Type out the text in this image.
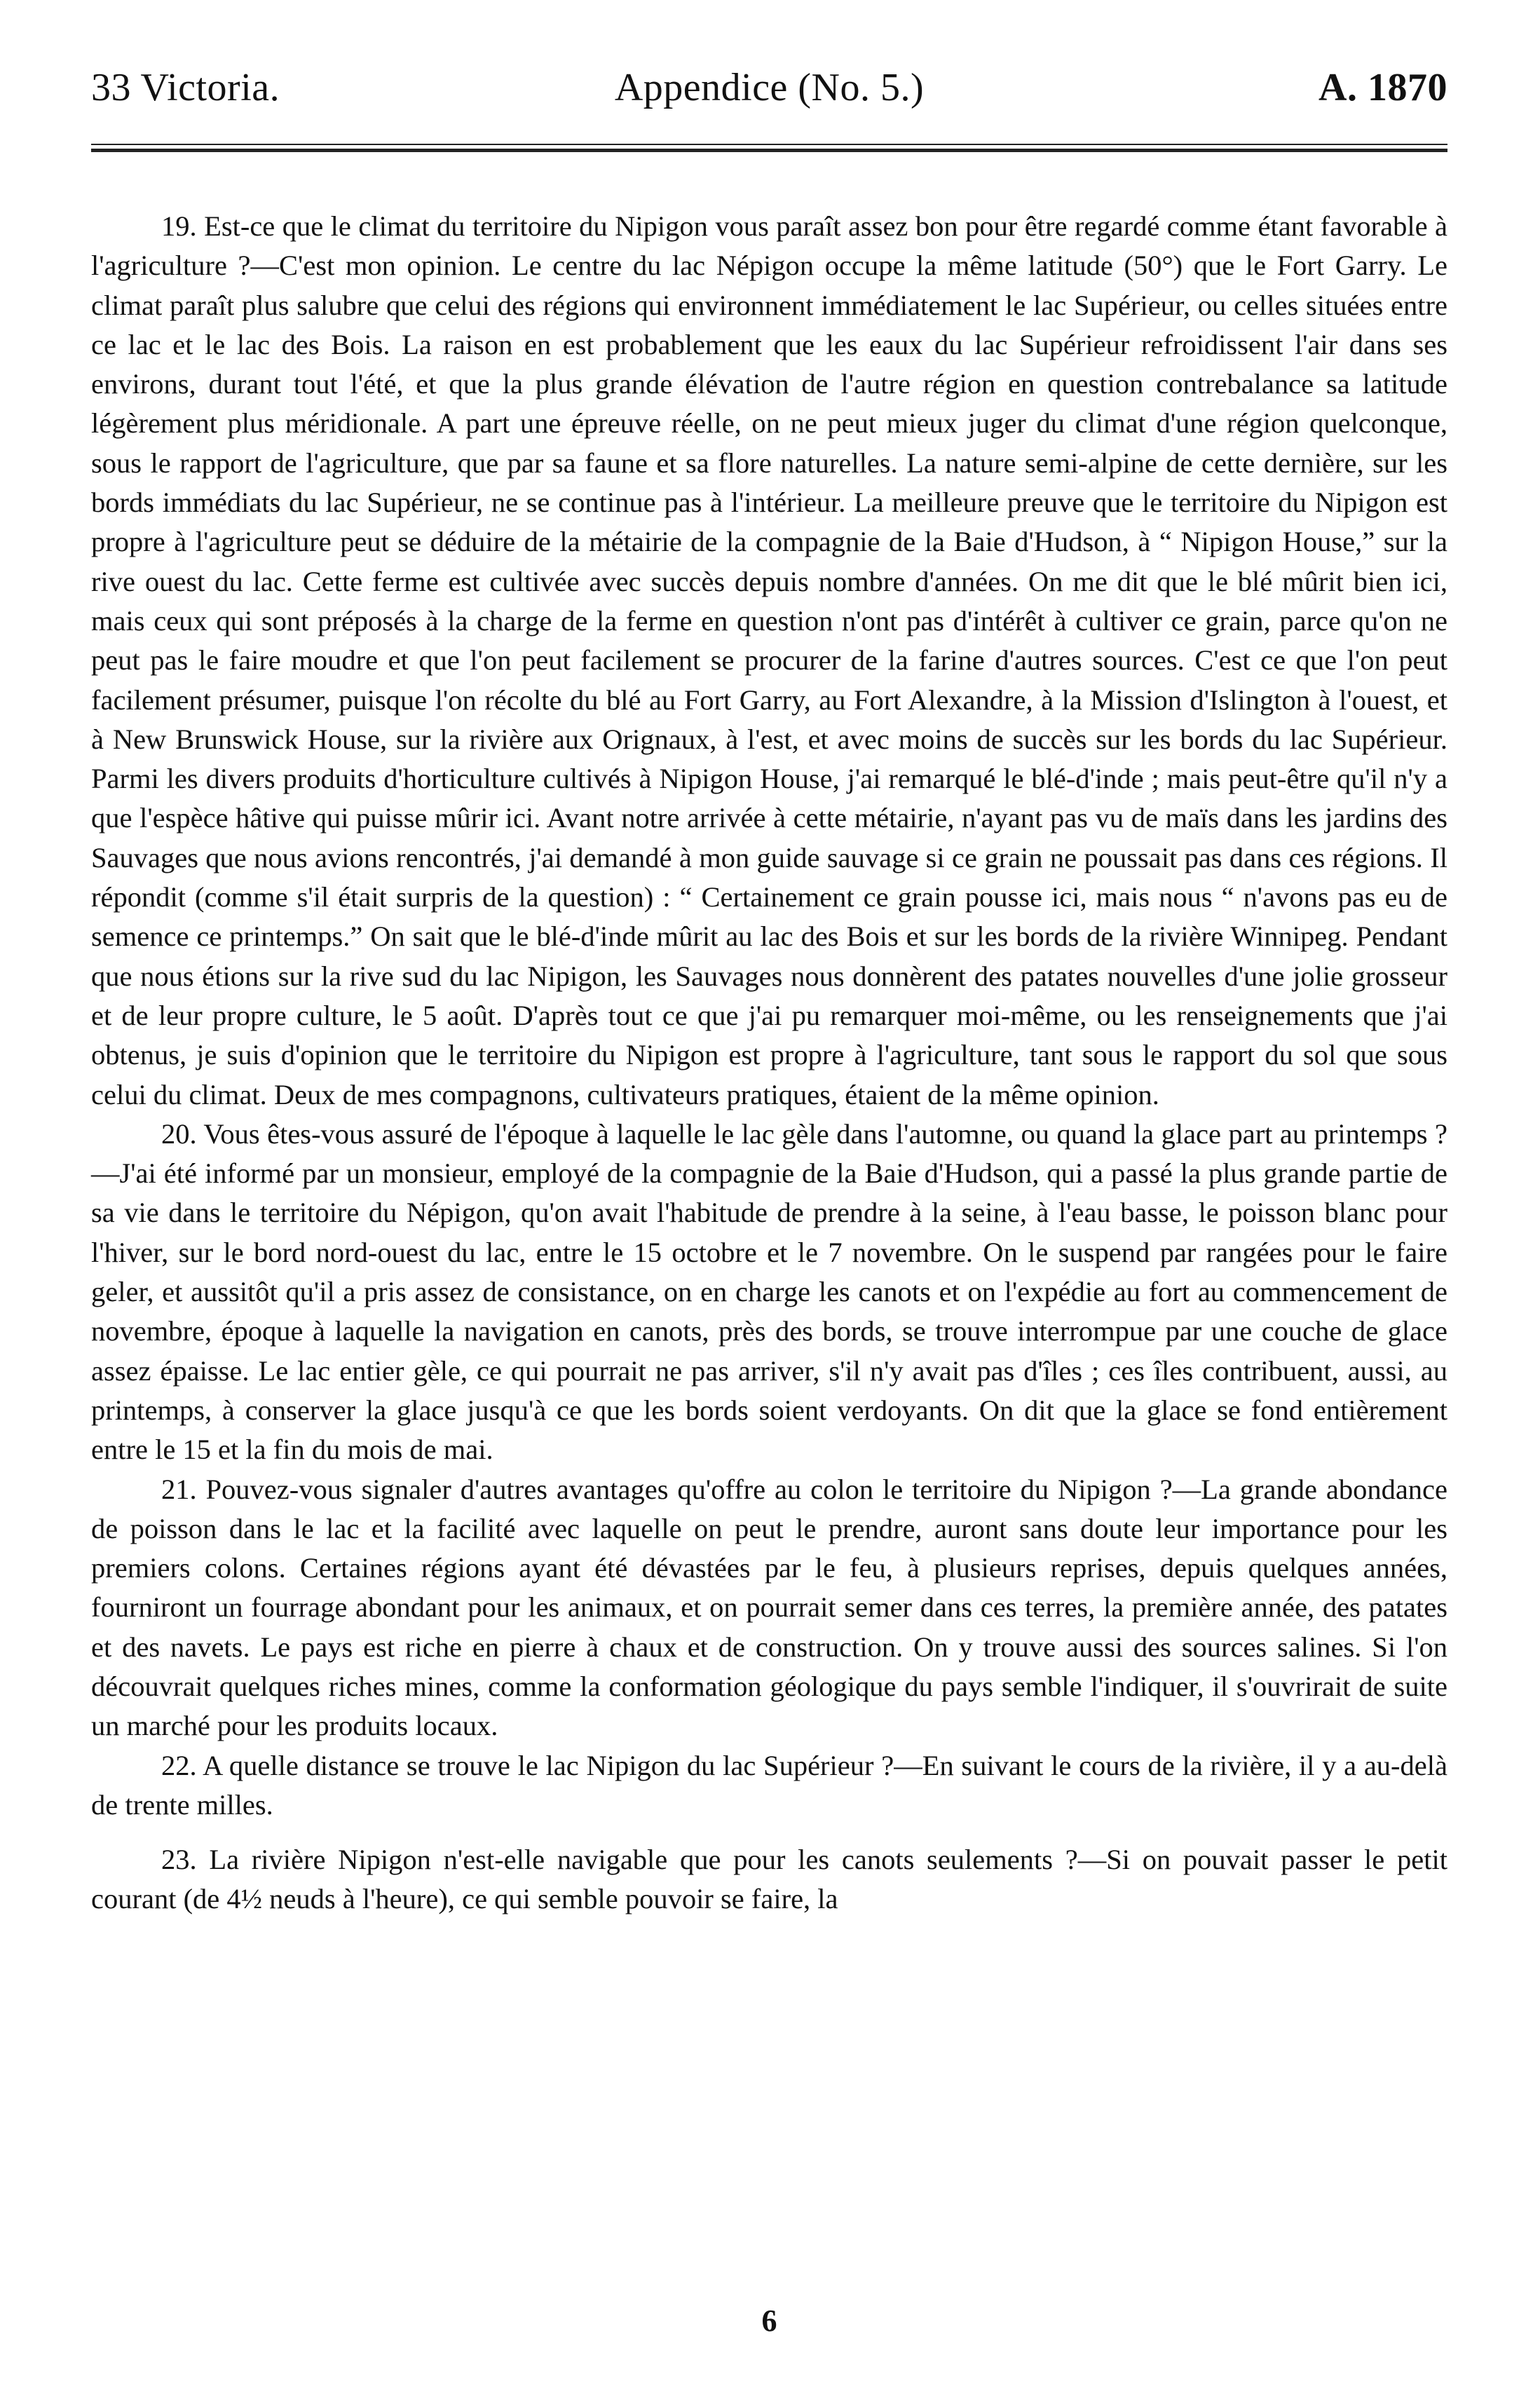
33 Victoria.	Appendice (No. 5.)	A. 1870

19. Est-ce que le climat du territoire du Nipigon vous paraît assez bon pour être regardé comme étant favorable à l'agriculture ?—C'est mon opinion. Le centre du lac Népigon occupe la même latitude (50°) que le Fort Garry. Le climat paraît plus salubre que celui des régions qui environnent immédiatement le lac Supérieur, ou celles situées entre ce lac et le lac des Bois. La raison en est probablement que les eaux du lac Supérieur refroidissent l'air dans ses environs, durant tout l'été, et que la plus grande élévation de l'autre région en question contrebalance sa latitude légèrement plus méridionale. A part une épreuve réelle, on ne peut mieux juger du climat d'une région quelconque, sous le rapport de l'agriculture, que par sa faune et sa flore naturelles. La nature semi-alpine de cette dernière, sur les bords immédiats du lac Supérieur, ne se continue pas à l'intérieur. La meilleure preuve que le territoire du Nipigon est propre à l'agriculture peut se déduire de la métairie de la compagnie de la Baie d'Hudson, à “ Nipigon House,” sur la rive ouest du lac. Cette ferme est cultivée avec succès depuis nombre d'années. On me dit que le blé mûrit bien ici, mais ceux qui sont préposés à la charge de la ferme en question n'ont pas d'intérêt à cultiver ce grain, parce qu'on ne peut pas le faire moudre et que l'on peut facilement se procurer de la farine d'autres sources. C'est ce que l'on peut facilement présumer, puisque l'on récolte du blé au Fort Garry, au Fort Alexandre, à la Mission d'Islington à l'ouest, et à New Brunswick House, sur la rivière aux Orignaux, à l'est, et avec moins de succès sur les bords du lac Supérieur. Parmi les divers produits d'horticulture cultivés à Nipigon House, j'ai remarqué le blé-d'inde ; mais peut-être qu'il n'y a que l'espèce hâtive qui puisse mûrir ici. Avant notre arrivée à cette métairie, n'ayant pas vu de maïs dans les jardins des Sauvages que nous avions rencontrés, j'ai demandé à mon guide sauvage si ce grain ne poussait pas dans ces régions. Il répondit (comme s'il était surpris de la question) : “ Certainement ce grain pousse ici, mais nous “ n'avons pas eu de semence ce printemps.” On sait que le blé-d'inde mûrit au lac des Bois et sur les bords de la rivière Winnipeg. Pendant que nous étions sur la rive sud du lac Nipigon, les Sauvages nous donnèrent des patates nouvelles d'une jolie grosseur et de leur propre culture, le 5 août. D'après tout ce que j'ai pu remarquer moi-même, ou les renseignements que j'ai obtenus, je suis d'opinion que le territoire du Nipigon est propre à l'agriculture, tant sous le rapport du sol que sous celui du climat. Deux de mes compagnons, cultivateurs pratiques, étaient de la même opinion.

20. Vous êtes-vous assuré de l'époque à laquelle le lac gèle dans l'automne, ou quand la glace part au printemps ?—J'ai été informé par un monsieur, employé de la compagnie de la Baie d'Hudson, qui a passé la plus grande partie de sa vie dans le territoire du Népigon, qu'on avait l'habitude de prendre à la seine, à l'eau basse, le poisson blanc pour l'hiver, sur le bord nord-ouest du lac, entre le 15 octobre et le 7 novembre. On le suspend par rangées pour le faire geler, et aussitôt qu'il a pris assez de consistance, on en charge les canots et on l'expédie au fort au commencement de novembre, époque à laquelle la navigation en canots, près des bords, se trouve interrompue par une couche de glace assez épaisse. Le lac entier gèle, ce qui pourrait ne pas arriver, s'il n'y avait pas d'îles ; ces îles contribuent, aussi, au printemps, à conserver la glace jusqu'à ce que les bords soient verdoyants. On dit que la glace se fond entièrement entre le 15 et la fin du mois de mai.

21. Pouvez-vous signaler d'autres avantages qu'offre au colon le territoire du Nipigon ?—La grande abondance de poisson dans le lac et la facilité avec laquelle on peut le prendre, auront sans doute leur importance pour les premiers colons. Certaines régions ayant été dévastées par le feu, à plusieurs reprises, depuis quelques années, fourniront un fourrage abondant pour les animaux, et on pourrait semer dans ces terres, la première année, des patates et des navets. Le pays est riche en pierre à chaux et de construction. On y trouve aussi des sources salines. Si l'on découvrait quelques riches mines, comme la conformation géologique du pays semble l'indiquer, il s'ouvrirait de suite un marché pour les produits locaux.

22. A quelle distance se trouve le lac Nipigon du lac Supérieur ?—En suivant le cours de la rivière, il y a au-delà de trente milles.

23. La rivière Nipigon n'est-elle navigable que pour les canots seulements ?—Si on pouvait passer le petit courant (de 4½ neuds à l'heure), ce qui semble pouvoir se faire, la

6
